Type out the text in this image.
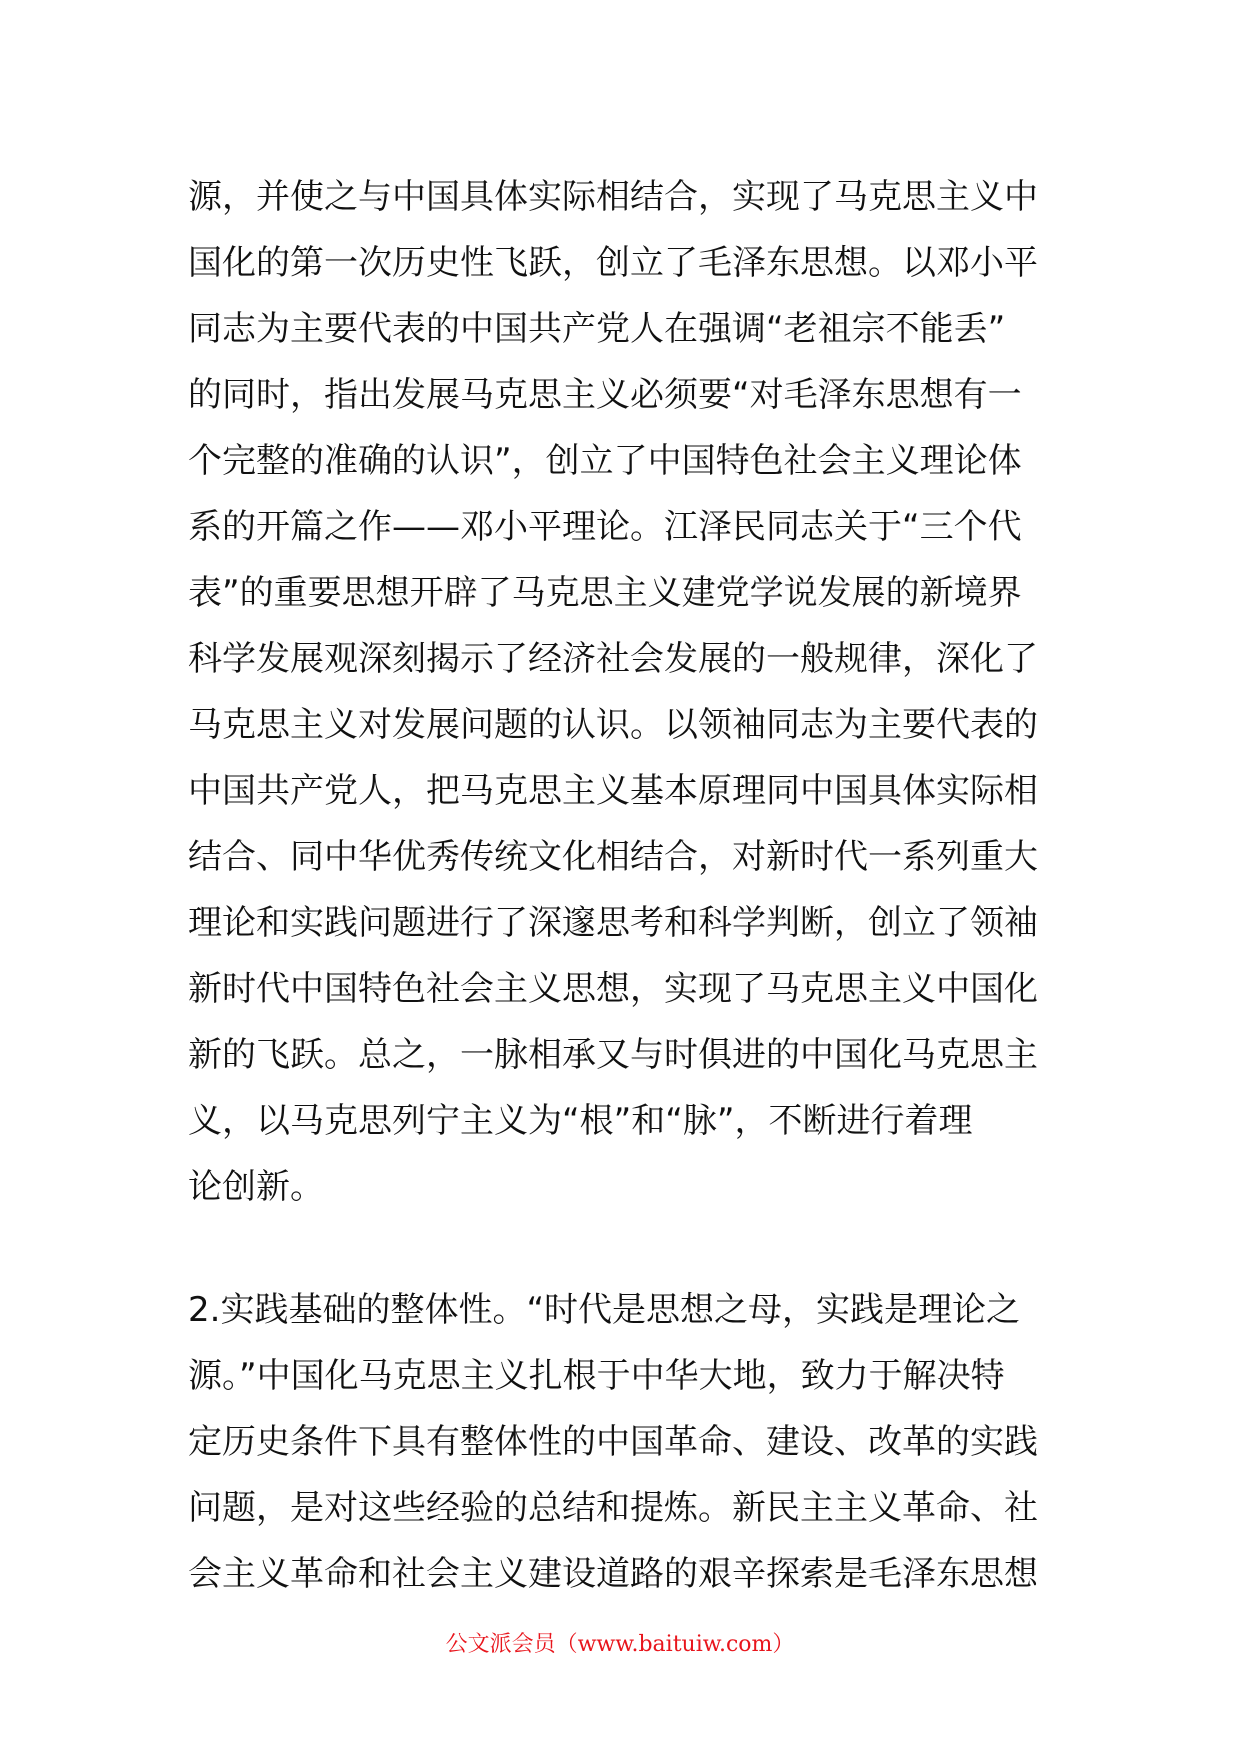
源，并使之与中国具体实际相结合，实现了马克思主义中
国化的第一次历史性飞跃，创立了毛泽东思想。以邓小平
同志为主要代表的中国共产党人在强调“老祖宗不能丢”
的同时，指出发展马克思主义必须要“对毛泽东思想有一
个完整的准确的认识”，创立了中国特色社会主义理论体
系的开篇之作——邓小平理论。江泽民同志关于“三个代
表”的重要思想开辟了马克思主义建党学说发展的新境界
科学发展观深刻揭示了经济社会发展的一般规律，深化了
马克思主义对发展问题的认识。以领袖同志为主要代表的
中国共产党人，把马克思主义基本原理同中国具体实际相
结合、同中华优秀传统文化相结合，对新时代一系列重大
理论和实践问题进行了深邃思考和科学判断，创立了领袖
新时代中国特色社会主义思想，实现了马克思主义中国化
新的飞跃。总之，一脉相承又与时俱进的中国化马克思主
义，以马克思列宁主义为“根”和“脉”，不断进行着理
论创新。
2.实践基础的整体性。“时代是思想之母，实践是理论之
源。”中国化马克思主义扎根于中华大地，致力于解决特
定历史条件下具有整体性的中国革命、建设、改革的实践
问题，是对这些经验的总结和提炼。新民主主义革命、社
会主义革命和社会主义建设道路的艰辛探索是毛泽东思想
公文派会员（www.baituiw.com）
